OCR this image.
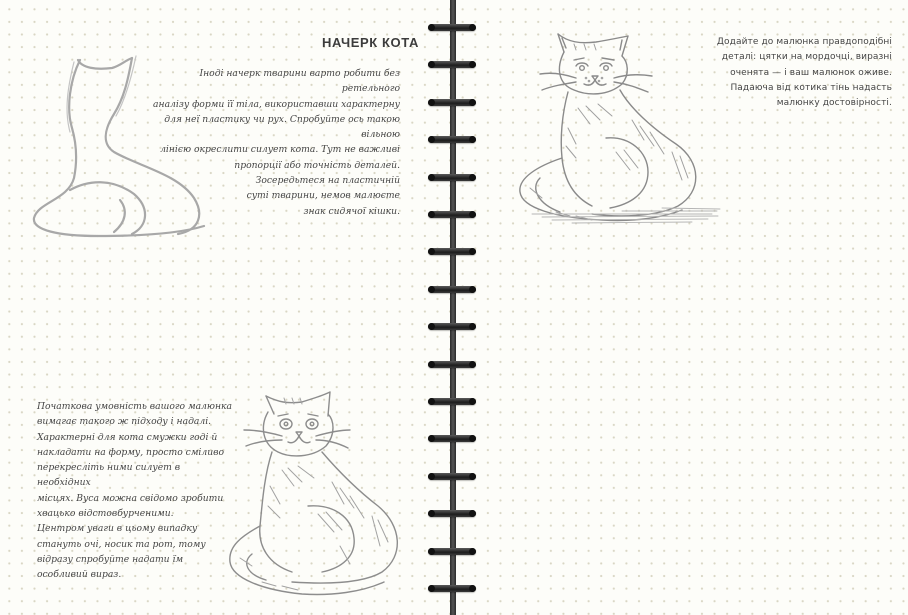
НАЧЕРК КОТА

Іноді начерк тварини варто робити без ретельного
аналізу форми її тіла, використавши характерну
для неї пластику чи рух. Спробуйте ось такою вільною
лінією окреслити силует кота. Тут не важливі
пропорції або точність деталей.
Зосередьтеся на пластичній
суті тварини, немов малюєте
знак сидячої кішки.

Початкова умовність вашого малюнка
вимагає такого ж підходу і надалі.
Характерні для кота смужки годі й
накладати на форму, просто сміливо
перекресліть ними силует в необхідних
місцях. Вуса можна свідомо зробити
хвацько відстовбурченими.
Центром уваги в цьому випадку
стануть очі, носик та рот, тому
відразу спробуйте надати їм
особливий вираз.

Додайте до малюнка правдоподібні
деталі: цятки на мордочці, виразні
оченята — і ваш малюнок оживе.
Падаюча від котика тінь надасть
малюнку достовірності.
